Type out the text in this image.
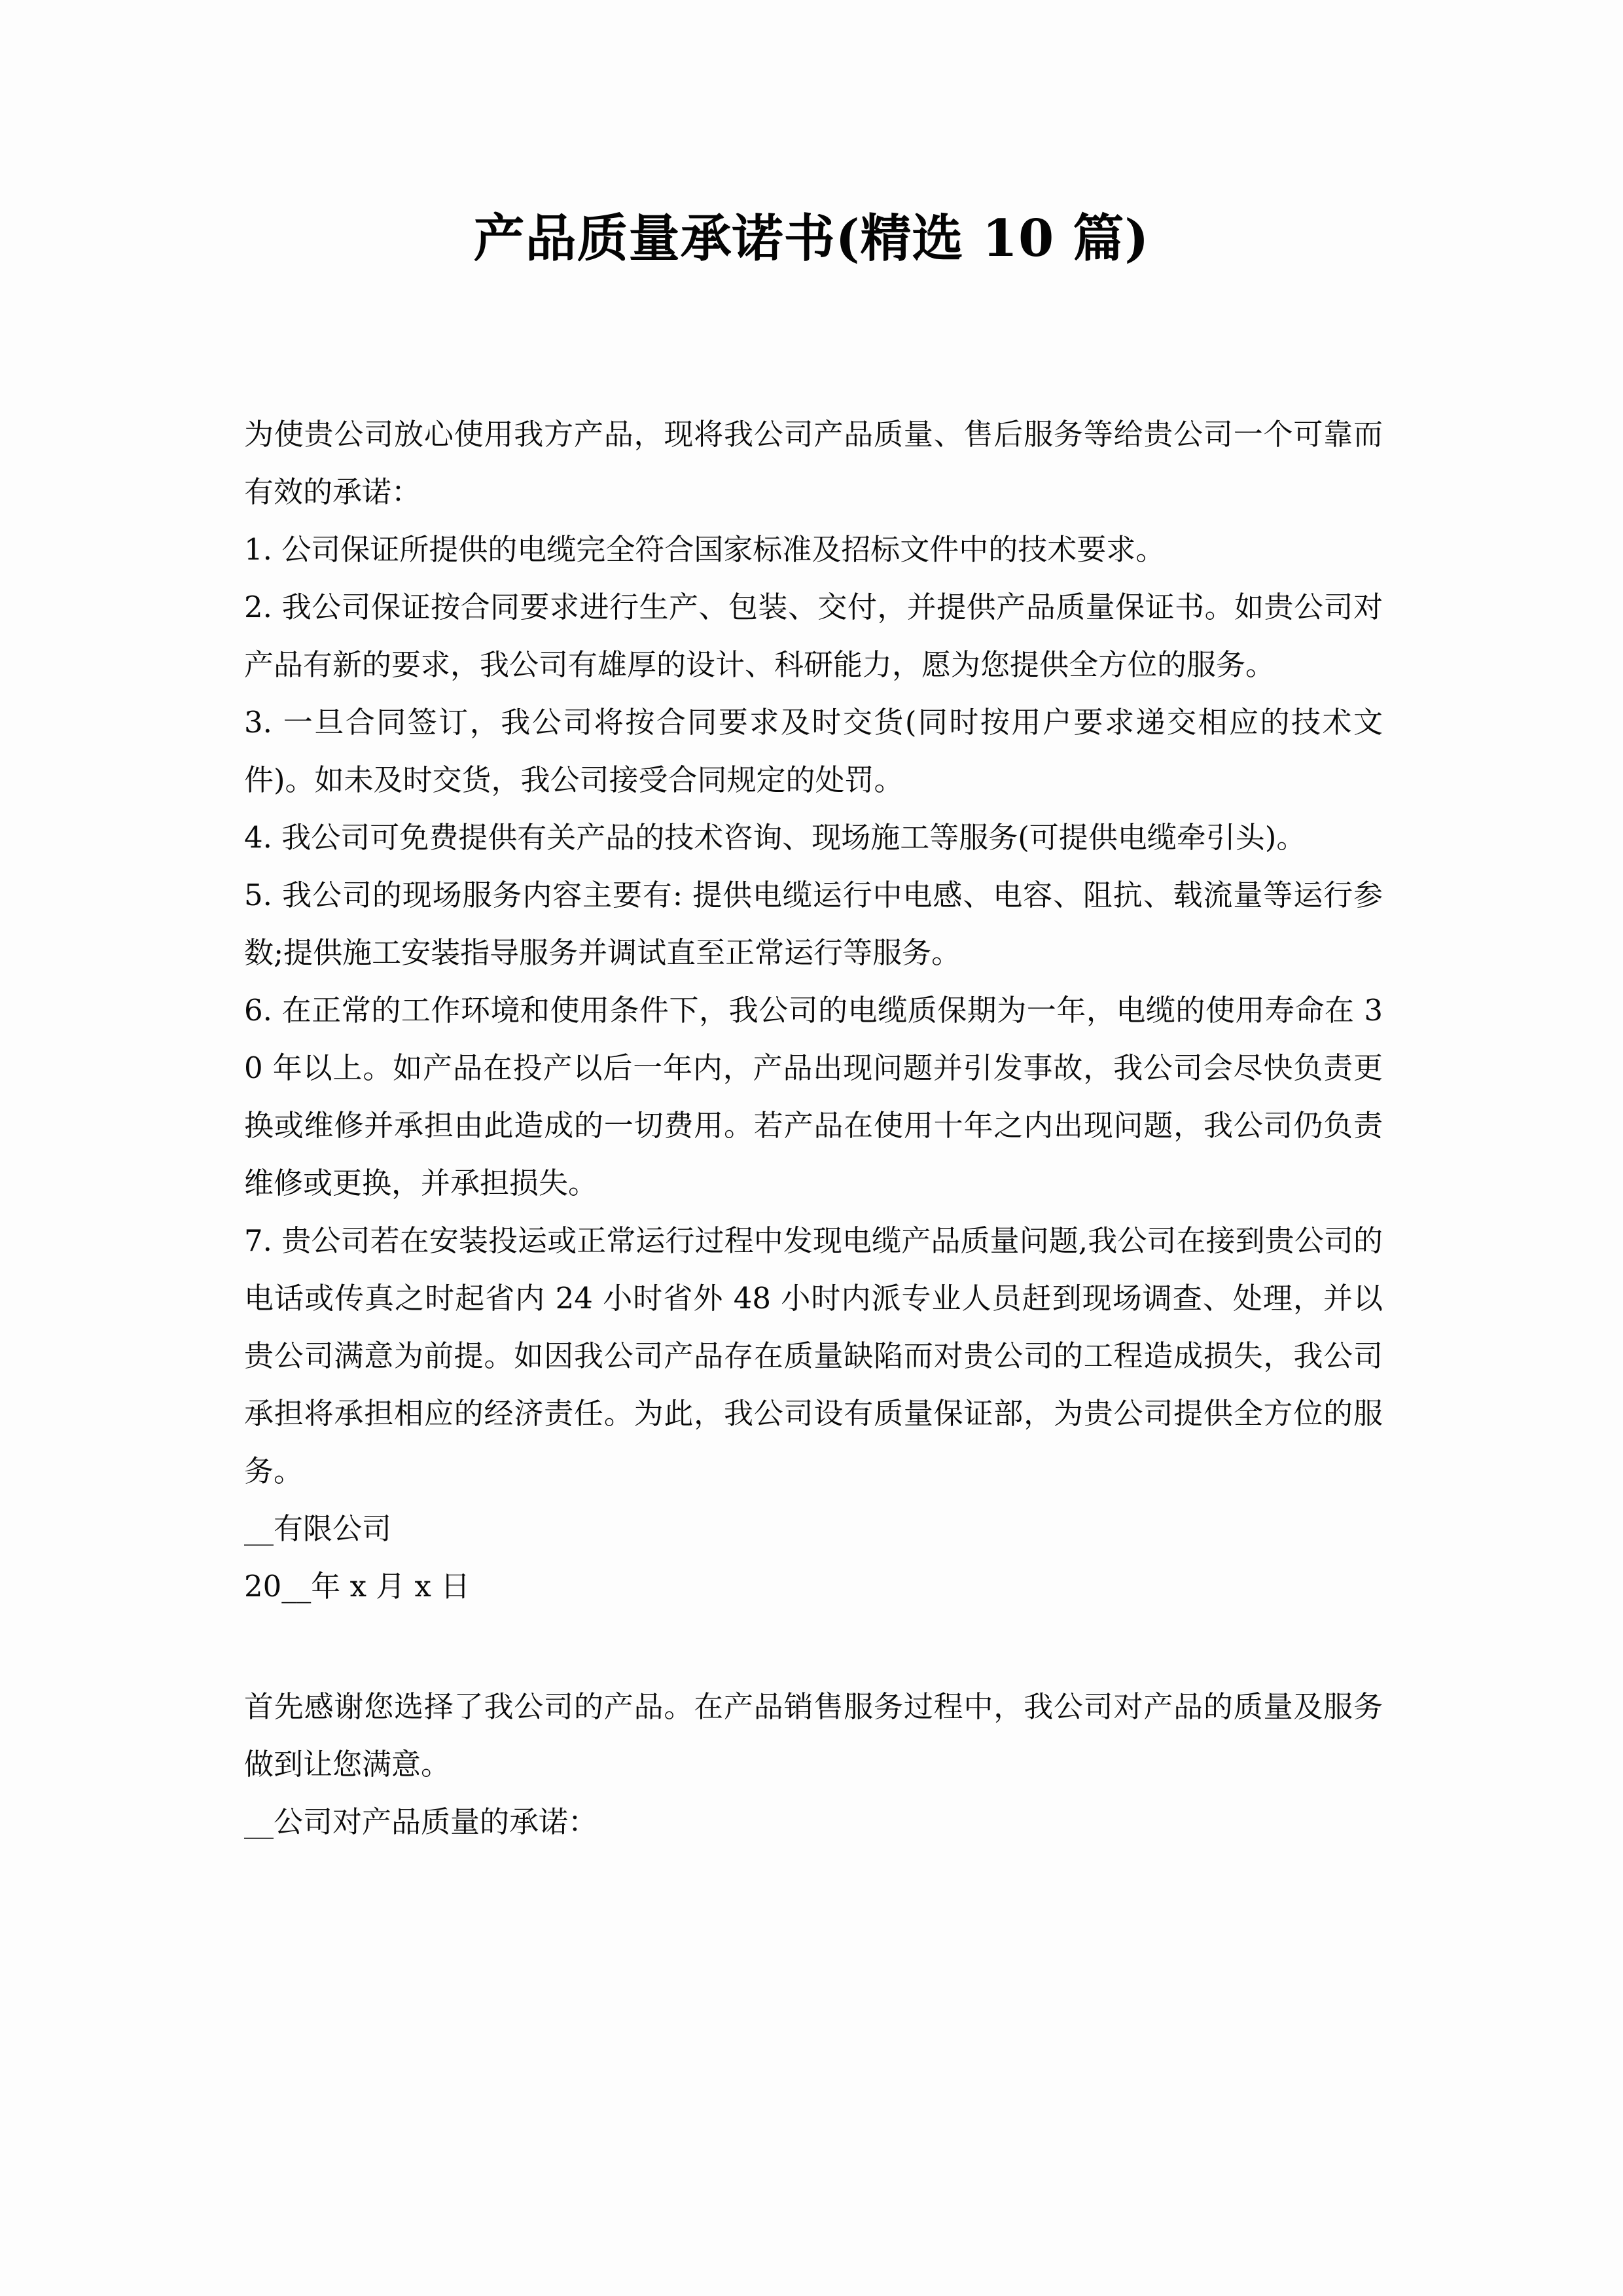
产品质量承诺书(精选 10 篇)

为使贵公司放心使用我方产品，现将我公司产品质量、售后服务等给贵公司一个可靠而有效的承诺：

1. 公司保证所提供的电缆完全符合国家标准及招标文件中的技术要求。

2. 我公司保证按合同要求进行生产、包装、交付，并提供产品质量保证书。如贵公司对产品有新的要求，我公司有雄厚的设计、科研能力，愿为您提供全方位的服务。

3. 一旦合同签订，我公司将按合同要求及时交货(同时按用户要求递交相应的技术文件)。如未及时交货，我公司接受合同规定的处罚。

4. 我公司可免费提供有关产品的技术咨询、现场施工等服务(可提供电缆牵引头)。

5. 我公司的现场服务内容主要有: 提供电缆运行中电感、电容、阻抗、载流量等运行参数;提供施工安装指导服务并调试直至正常运行等服务。

6. 在正常的工作环境和使用条件下，我公司的电缆质保期为一年，电缆的使用寿命在 30 年以上。如产品在投产以后一年内，产品出现问题并引发事故，我公司会尽快负责更换或维修并承担由此造成的一切费用。若产品在使用十年之内出现问题，我公司仍负责维修或更换，并承担损失。

7. 贵公司若在安装投运或正常运行过程中发现电缆产品质量问题,我公司在接到贵公司的电话或传真之时起省内 24 小时省外 48 小时内派专业人员赶到现场调查、处理，并以贵公司满意为前提。如因我公司产品存在质量缺陷而对贵公司的工程造成损失，我公司承担将承担相应的经济责任。为此，我公司设有质量保证部，为贵公司提供全方位的服务。

__有限公司

20__年 x 月 x 日

首先感谢您选择了我公司的产品。在产品销售服务过程中，我公司对产品的质量及服务做到让您满意。

__公司对产品质量的承诺：
